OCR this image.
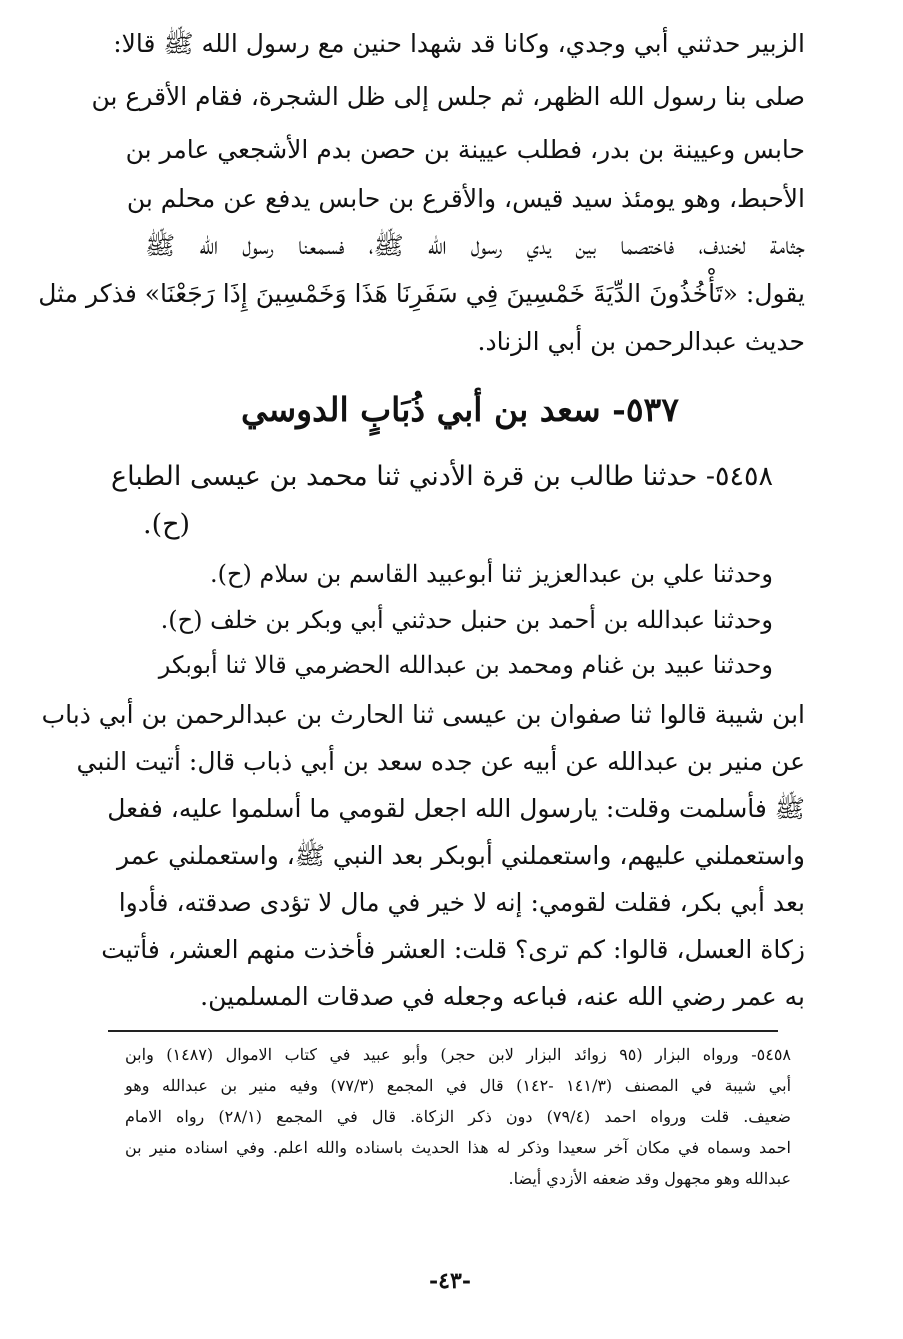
الزبير حدثني أبي وجدي، وكانا قد شهدا حنين مع رسول الله ﷺ قالا:
صلى بنا رسول الله الظهر، ثم جلس إلى ظل الشجرة، فقام الأقرع بن
حابس وعيينة بن بدر، فطلب عيينة بن حصن بدم الأشجعي عامر بن
الأحبط، وهو يومئذ سيد قيس، والأقرع بن حابس يدفع عن محلم بن
جثامة لخندف، فاختصما بين يدي رسول الله ﷺ، فسمعنا رسول الله ﷺ
يقول: «تَأْخُذُونَ الدِّيَةَ خَمْسِينَ فِي سَفَرِنَا هَذَا وَخَمْسِينَ إِذَا رَجَعْنَا» فذكر مثل
حديث عبدالرحمن بن أبي الزناد.
٥٣٧- سعد بن أبي ذُبَابٍ الدوسي
٥٤٥٨- حدثنا طالب بن قرة الأدني ثنا محمد بن عيسى الطباع
(ح).
وحدثنا علي بن عبدالعزيز ثنا أبوعبيد القاسم بن سلام (ح).
وحدثنا عبدالله بن أحمد بن حنبل حدثني أبي وبكر بن خلف (ح).
وحدثنا عبيد بن غنام ومحمد بن عبدالله الحضرمي قالا ثنا أبوبكر
ابن شيبة قالوا ثنا صفوان بن عيسى ثنا الحارث بن عبدالرحمن بن أبي ذباب
عن منير بن عبدالله عن أبيه عن جده سعد بن أبي ذباب قال: أتيت النبي
ﷺ فأسلمت وقلت: يارسول الله اجعل لقومي ما أسلموا عليه، ففعل
واستعملني عليهم، واستعملني أبوبكر بعد النبي ﷺ، واستعملني عمر
بعد أبي بكر، فقلت لقومي: إنه لا خير في مال لا تؤدى صدقته، فأدوا
زكاة العسل، قالوا: كم ترى؟ قلت: العشر فأخذت منهم العشر، فأتيت
به عمر رضي الله عنه، فباعه وجعله في صدقات المسلمين.
٥٤٥٨- ورواه البزار (٩٥ زوائد البزار لابن حجر) وأبو عبيد في كتاب الاموال (١٤٨٧) وابن
أبي شيبة في المصنف (١٤١/٣ -١٤٢) قال في المجمع (٧٧/٣) وفيه منير بن عبدالله وهو
ضعيف. قلت ورواه احمد (٧٩/٤) دون ذكر الزكاة. قال في المجمع (٢٨/١) رواه الامام
احمد وسماه في مكان آخر سعيدا وذكر له هذا الحديث باسناده والله اعلم. وفي اسناده منير بن
عبدالله وهو مجهول وقد ضعفه الأزدي أيضا.
-٤٣-
